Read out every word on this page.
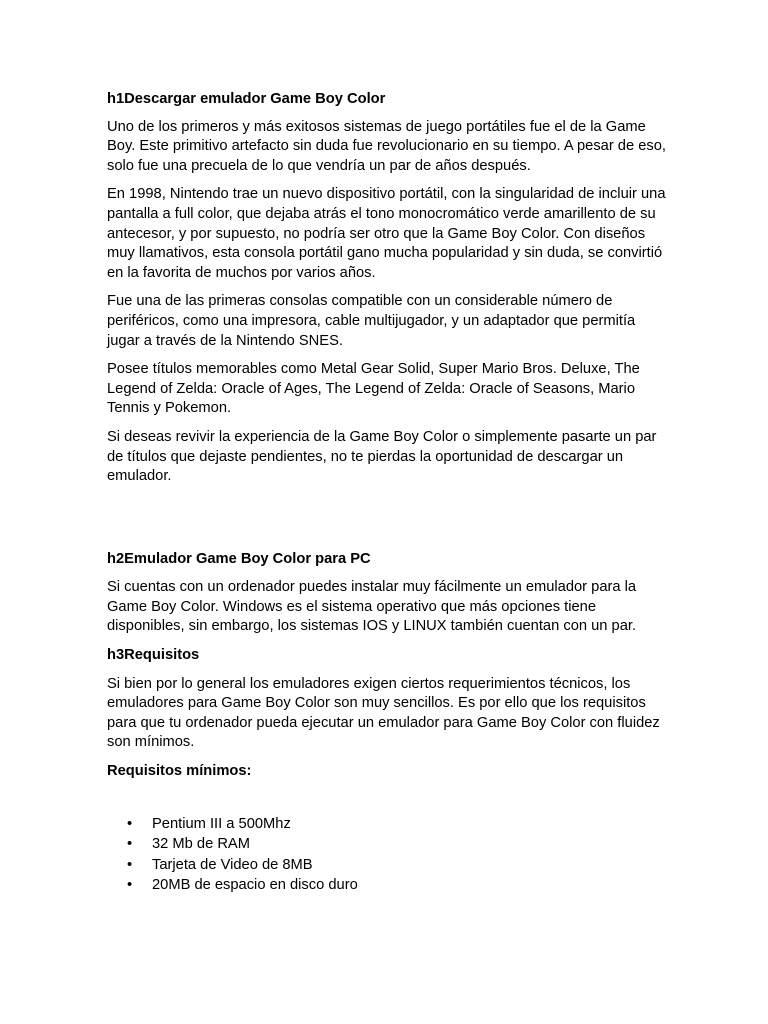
h1Descargar emulador Game Boy Color

Uno de los primeros y más exitosos sistemas de juego portátiles fue el de la Game Boy. Este primitivo artefacto sin duda fue revolucionario en su tiempo. A pesar de eso, solo fue una precuela de lo que vendría un par de años después.

En 1998, Nintendo trae un nuevo dispositivo portátil, con la singularidad de incluir una pantalla a full color, que dejaba atrás el tono monocromático verde amarillento de su antecesor, y por supuesto, no podría ser otro que la Game Boy Color. Con diseños muy llamativos, esta consola portátil gano mucha popularidad y sin duda, se convirtió en la favorita de muchos por varios años.

Fue una de las primeras consolas compatible con un considerable número de periféricos, como una impresora, cable multijugador, y un adaptador que permitía jugar a través de la Nintendo SNES.

Posee títulos memorables como Metal Gear Solid, Super Mario Bros. Deluxe, The Legend of Zelda: Oracle of Ages, The Legend of Zelda: Oracle of Seasons, Mario Tennis y Pokemon.

Si deseas revivir la experiencia de la Game Boy Color o simplemente pasarte un par de títulos que dejaste pendientes, no te pierdas la oportunidad de descargar un emulador.

h2Emulador Game Boy Color para PC

Si cuentas con un ordenador puedes instalar muy fácilmente un emulador para la Game Boy Color. Windows es el sistema operativo que más opciones tiene disponibles, sin embargo, los sistemas IOS y LINUX también cuentan con un par.

h3Requisitos

Si bien por lo general los emuladores exigen ciertos requerimientos técnicos, los emuladores para Game Boy Color son muy sencillos. Es por ello que los requisitos para que tu ordenador pueda ejecutar un emulador para Game Boy Color con fluidez son mínimos.

Requisitos mínimos:

• Pentium III a 500Mhz
• 32 Mb de RAM
• Tarjeta de Video de 8MB
• 20MB de espacio en disco duro
